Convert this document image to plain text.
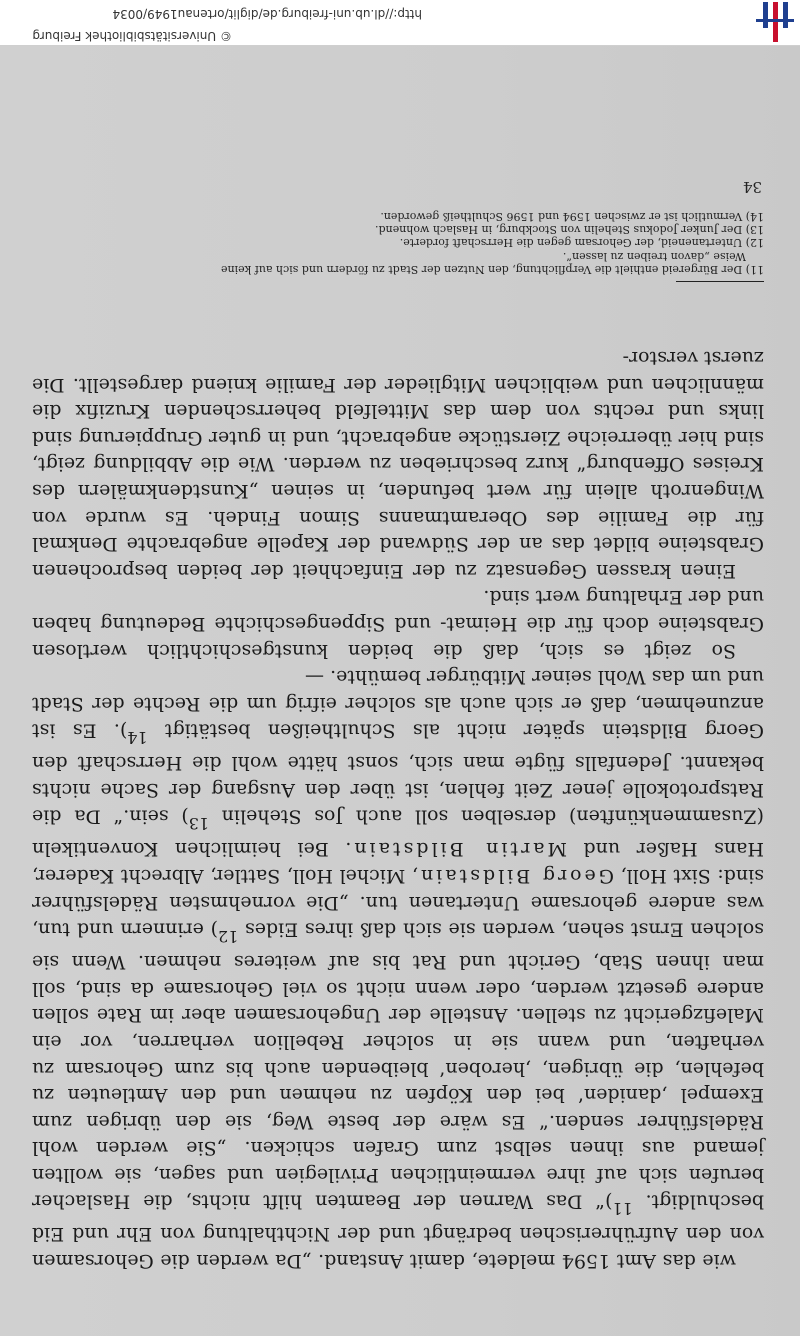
wie das Amt 1594 meldete, damit Anstand. „Da werden die Gehorsamen von den Aufrührerischen bedrängt und der Nichthaltung von Ehr und Eid beschuldigt. $^{11}$)“ Das Warnen der Beamten hilft nichts, die Haslacher berufen sich auf ihre vermeintlichen Privilegien und sagen, sie wollten jemand aus ihnen selbst zum Grafen schicken. „Sie werden wohl Rädelsführer senden.“ Es wäre der beste Weg, sie den übrigen zum Exempel ‚daniden‘ bei den Köpfen zu nehmen und den Amtleuten zu befehlen, die übrigen, ‚heroben‘ bleibenden auch bis zum Gehorsam zu verhaften, und wann sie in solcher Rebellion verharren, vor ein Malefizgericht zu stellen. Anstelle der Ungehorsamen aber im Rate sollen andere gesetzt werden, oder wenn nicht so viel Gehorsame da sind, soll man ihnen Stab, Gericht und Rat bis auf weiteres nehmen. Wenn sie solchen Ernst sehen, werden sie sich daß ihres Eides $^{12}$) erinnern und tun, was andere gehorsame Untertanen tun. „Die vornehmsten Rädelsführer sind: Sixt Holl, Georg Bildstain, Michel Holl, Sattler, Albrecht Kaderer, Hans Haßer und Martin Bildstain. Bei heimlichen Konventikeln (Zusammenkünften) derselben soll auch Jos Stehelin $^{13}$) sein.“ Da die Ratsprotokolle jener Zeit fehlen, ist über den Ausgang der Sache nichts bekannt. Jedenfalls fügte man sich, sonst hätte wohl die Herrschaft den Georg Bildstein später nicht als Schultheißen bestätigt $^{14}$). Es ist anzunehmen, daß er sich auch als solcher eifrig um die Rechte der Stadt und um das Wohl seiner Mitbürger bemühte. —

So zeigt es sich, daß die beiden kunstgeschichtlich wertlosen Grabsteine doch für die Heimat- und Sippengeschichte Bedeutung haben und der Erhaltung wert sind.

Einen krassen Gegensatz zu der Einfachheit der beiden besprochenen Grabsteine bildet das an der Südwand der Kapelle angebrachte Denkmal für die Familie des Oberamtmanns Simon Findeh. Es wurde von Wingenroth allein für wert befunden, in seinen „Kunstdenkmälern des Kreises Offenburg“ kurz beschrieben zu werden. Wie die Abbildung zeigt, sind hier überreiche Zierstücke angebracht, und in guter Gruppierung sind links und rechts von dem das Mittelfeld beherrschenden Kruzifix die männlichen und weiblichen Mitglieder der Familie kniend dargestellt. Die zuerst verstor-

11) Der Bürgereid enthielt die Verpflichtung, den Nutzen der Stadt zu fördern und sich auf keine
Weise „davon treiben zu lassen“.
12) Untertaneneid, der Gehorsam gegen die Herrschaft forderte.
13) Der Junker Jodokus Stehelin von Stockburg, in Haslach wohnend.
14) Vermutlich ist er zwischen 1594 und 1596 Schultheiß geworden.
34
© Universitätsbibliothek Freiburg
http://dl.ub.uni-freiburg.de/diglit/ortenau1949/0034
